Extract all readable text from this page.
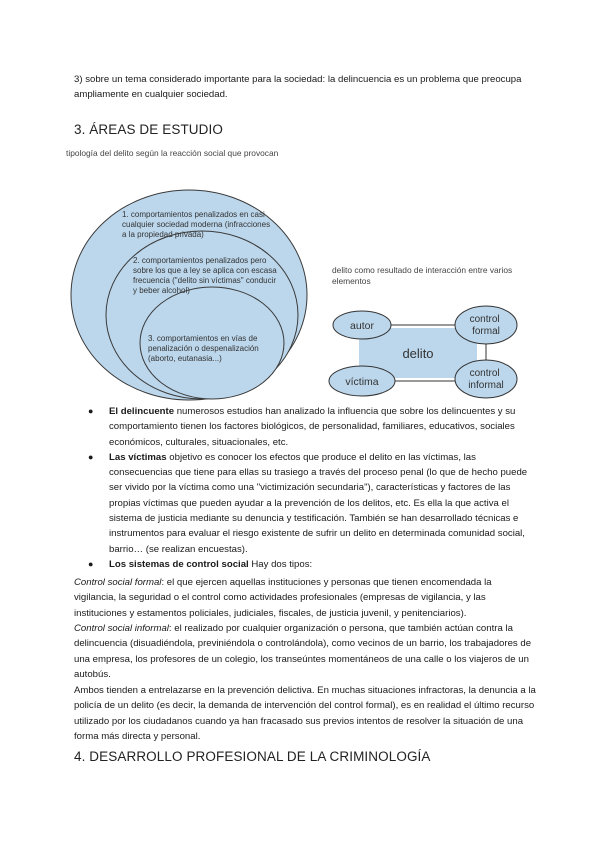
3) sobre un tema considerado importante para la sociedad: la delincuencia es un problema que preocupa ampliamente en cualquier sociedad.

3. ÁREAS DE ESTUDIO

tipología del delito según la reacción social que provocan

delito como resultado de interacción entre varios elementos

1. comportamientos penalizados en casi cualquier sociedad moderna (infracciones a la propiedad privada)
2. comportamientos penalizados pero sobre los que a ley se aplica con escasa frecuencia ("delito sin víctimas" conducir y beber alcohol)
3. comportamientos en vías de penalización o despenalización (aborto, eutanasia...)	delito
autor
víctima
control formal
control informal
● El delincuente numerosos estudios han analizado la influencia que sobre los delincuentes y su comportamiento tienen los factores biológicos, de personalidad, familiares, educativos, sociales económicos, culturales, situacionales, etc.
● Las víctimas objetivo es conocer los efectos que produce el delito en las víctimas, las consecuencias que tiene para ellas su trasiego a través del proceso penal (lo que de hecho puede ser vivido por la víctima como una "victimización secundaria"), características y factores de las propias víctimas que pueden ayudar a la prevención de los delitos, etc. Es ella la que activa el sistema de justicia mediante su denuncia y testificación. También se han desarrollado técnicas e instrumentos para evaluar el riesgo existente de sufrir un delito en determinada comunidad social, barrio… (se realizan encuestas).
● Los sistemas de control social Hay dos tipos:

Control social formal: el que ejercen aquellas instituciones y personas que tienen encomendada la vigilancia, la seguridad o el control como actividades profesionales (empresas de vigilancia, y las instituciones y estamentos policiales, judiciales, fiscales, de justicia juvenil, y penitenciarios).

Control social informal: el realizado por cualquier organización o persona, que también actúan contra la delincuencia (disuadiéndola, previniéndola o controlándola), como vecinos de un barrio, los trabajadores de una empresa, los profesores de un colegio, los transeúntes momentáneos de una calle o los viajeros de un autobús.

Ambos tienden a entrelazarse en la prevención delictiva. En muchas situaciones infractoras, la denuncia a la policía de un delito (es decir, la demanda de intervención del control formal), es en realidad el último recurso utilizado por los ciudadanos cuando ya han fracasado sus previos intentos de resolver la situación de una forma más directa y personal.

4. DESARROLLO PROFESIONAL DE LA CRIMINOLOGÍA
